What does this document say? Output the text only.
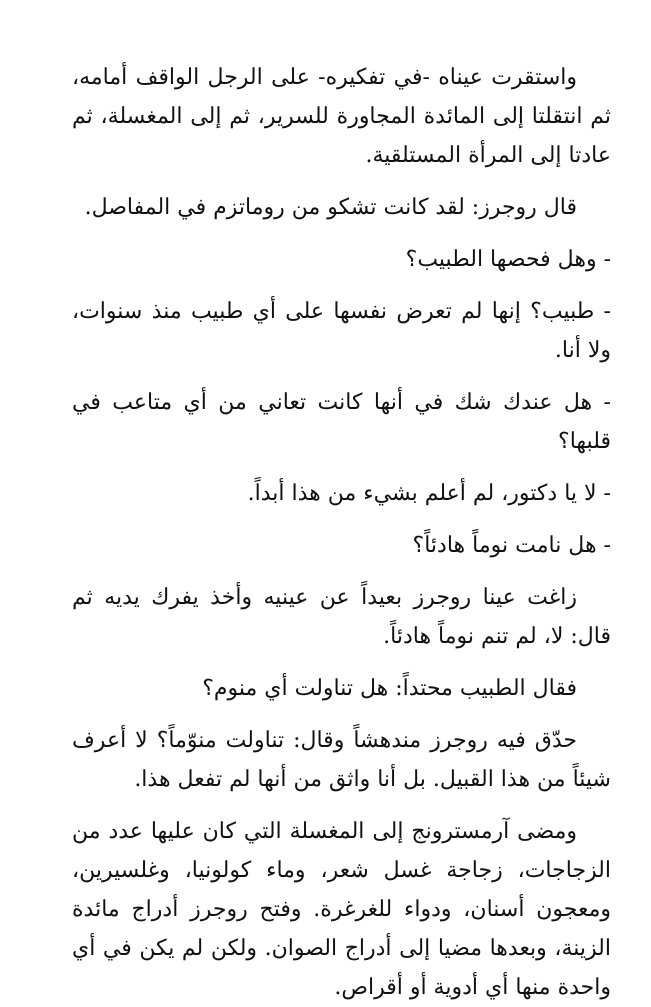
واستقرت عيناه -في تفكيره- على الرجل الواقف أمامه، ثم انتقلتا إلى المائدة المجاورة للسرير، ثم إلى المغسلة، ثم عادتا إلى المرأة المستلقية.

قال روجرز: لقد كانت تشكو من روماتزم في المفاصل.

- وهل فحصها الطبيب؟

- طبيب؟ إنها لم تعرض نفسها على أي طبيب منذ سنوات، ولا أنا.

- هل عندك شك في أنها كانت تعاني من أي متاعب في قلبها؟

- لا يا دكتور، لم أعلم بشيء من هذا أبداً.

- هل نامت نوماً هادئاً؟

زاغت عينا روجرز بعيداً عن عينيه وأخذ يفرك يديه ثم قال: لا، لم تنم نوماً هادئاً.

فقال الطبيب محتداً: هل تناولت أي منوم؟

حدّق فيه روجرز مندهشاً وقال: تناولت منوّماً؟ لا أعرف شيئاً من هذا القبيل. بل أنا واثق من أنها لم تفعل هذا.

ومضى آرمسترونج إلى المغسلة التي كان عليها عدد من الزجاجات، زجاجة غسل شعر، وماء كولونيا، وغلسيرين، ومعجون أسنان، ودواء للغرغرة. وفتح روجرز أدراج مائدة الزينة، وبعدها مضيا إلى أدراج الصوان. ولكن لم يكن في أي واحدة منها أي أدوية أو أقراص.
